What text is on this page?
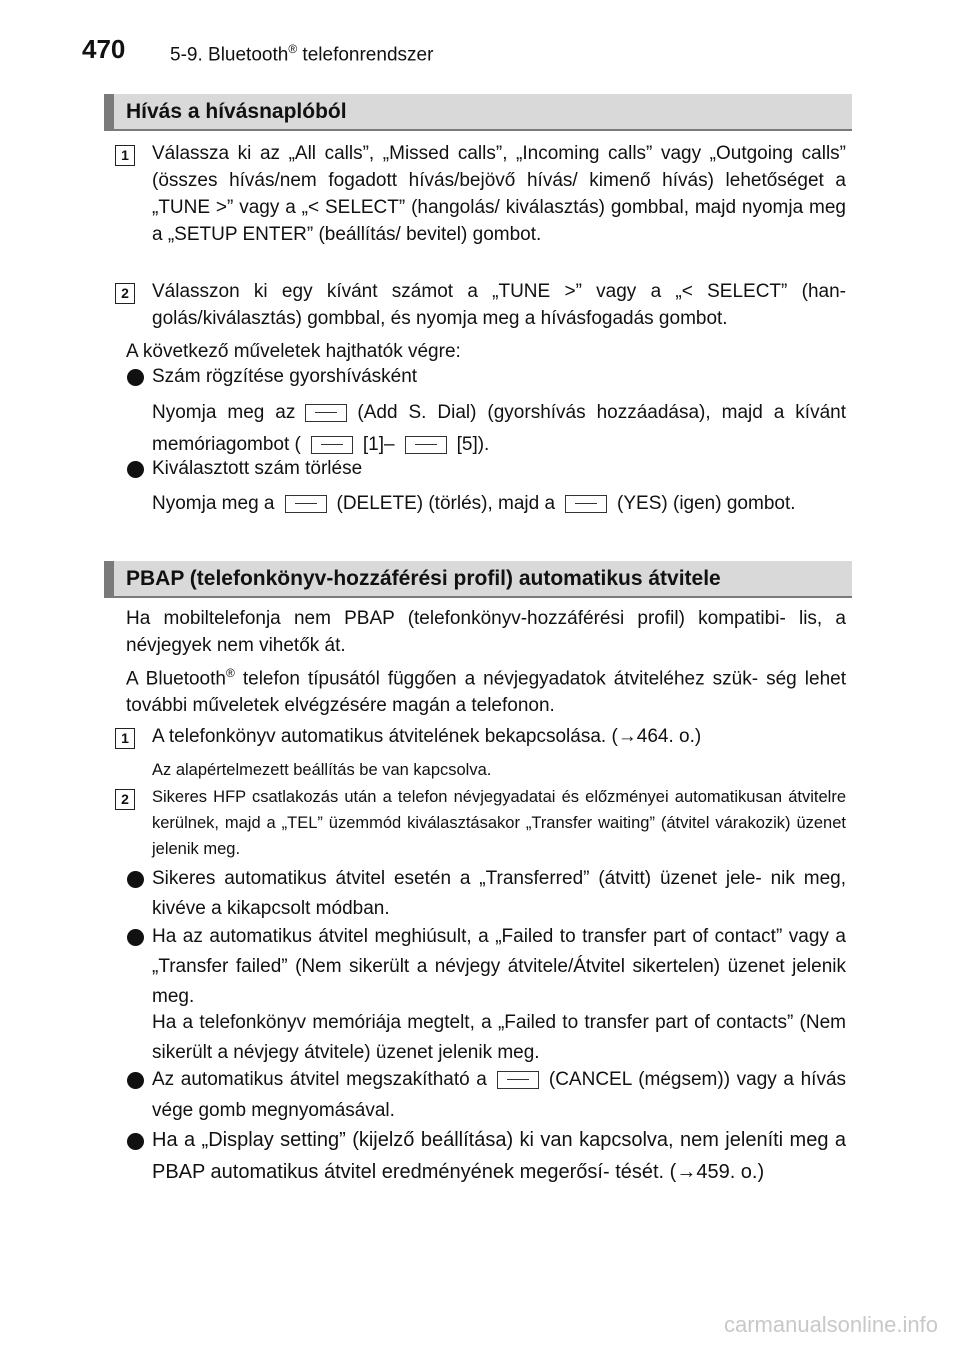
470 5-9. Bluetooth® telefonrendszer
Hívás a hívásnaplóból
1	Válassza ki az „All calls”, „Missed calls”, „Incoming calls” vagy „Outgoing calls” (összes hívás/nem fogadott hívás/bejövő hívás/ kimenő hívás) lehetőséget a „TUNE >” vagy a „< SELECT” (hangolás/ kiválasztás) gombbal, majd nyomja meg a „SETUP ENTER” (beállítás/ bevitel) gombot.

2	Válasszon ki egy kívánt számot a „TUNE >” vagy a „< SELECT” (han- golás/kiválasztás) gombbal, és nyomja meg a hívásfogadás gombot.

A következő műveletek hajthatók végre:

Szám rögzítése gyorshívásként

Nyomja meg az	(Add S. Dial) (gyorshívás hozzáadása), majd a kívánt memóriagombot (	[1]–	[5]).

Kiválasztott szám törlése

Nyomja meg a	(DELETE) (törlés), majd a	(YES) (igen) gombot.

PBAP (telefonkönyv-hozzáférési profil) automatikus átvitele

Ha mobiltelefonja nem PBAP (telefonkönyv-hozzáférési profil) kompatibi- lis, a névjegyek nem vihetők át.

A Bluetooth® telefon típusától függően a névjegyadatok átviteléhez szük- ség lehet további műveletek elvégzésére magán a telefonon.

1	A telefonkönyv automatikus átvitelének bekapcsolása. (→464. o.)

Az alapértelmezett beállítás be van kapcsolva.

2	Sikeres HFP csatlakozás után a telefon névjegyadatai és előzményei automatikusan átvitelre kerülnek, majd a „TEL” üzemmód kiválasztásakor „Transfer waiting” (átvitel várakozik) üzenet jelenik meg.

Sikeres automatikus átvitel esetén a „Transferred” (átvitt) üzenet jele- nik meg, kivéve a kikapcsolt módban.

Ha az automatikus átvitel meghiúsult, a „Failed to transfer part of contact” vagy a „Transfer failed” (Nem sikerült a névjegy átvitele/Átvitel sikertelen) üzenet jelenik meg.

Ha a telefonkönyv memóriája megtelt, a „Failed to transfer part of contacts” (Nem sikerült a névjegy átvitele) üzenet jelenik meg.

Az automatikus átvitel megszakítható a	(CANCEL (mégsem)) vagy a hívás vége gomb megnyomásával.

Ha a „Display setting” (kijelző beállítása) ki van kapcsolva, nem jeleníti meg a PBAP automatikus átvitel eredményének megerősí- tését. (→459. o.)

carmanualsonline.info
